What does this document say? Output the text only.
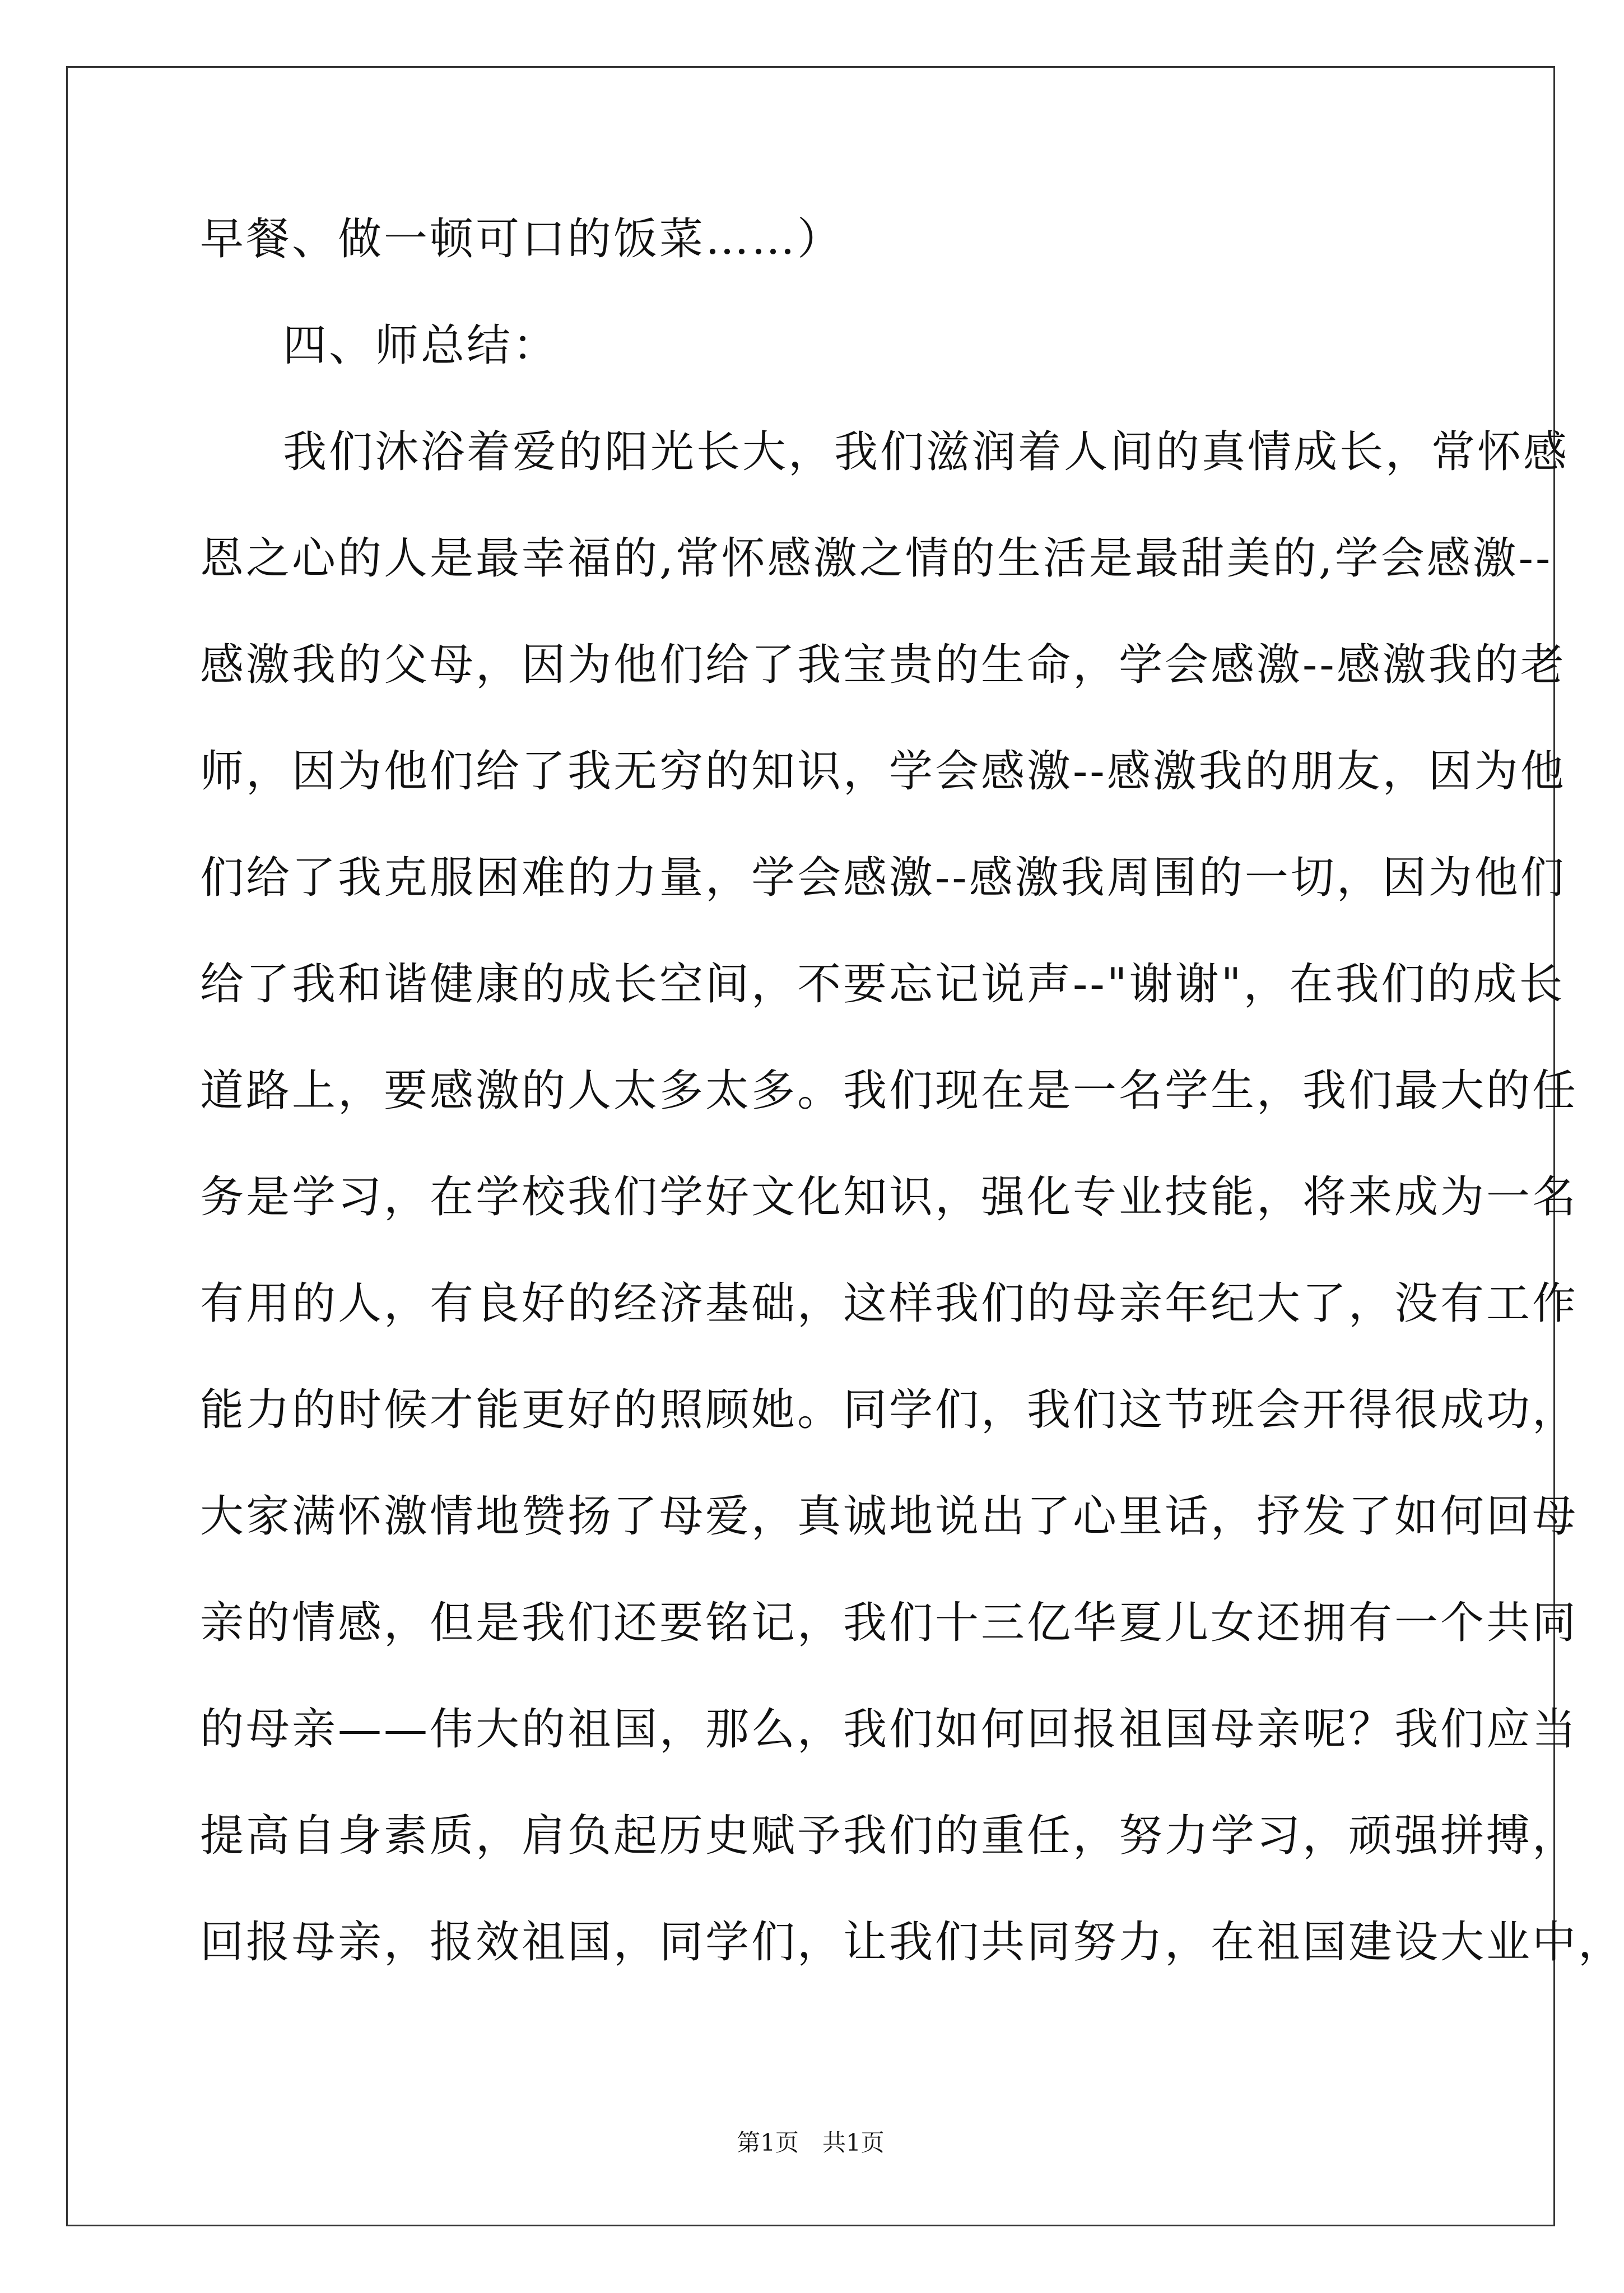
早餐、做一顿可口的饭菜……）
四、师总结：
我们沐浴着爱的阳光长大，我们滋润着人间的真情成长，常怀感
恩之心的人是最幸福的,常怀感激之情的生活是最甜美的,学会感激--
感激我的父母，因为他们给了我宝贵的生命，学会感激--感激我的老
师，因为他们给了我无穷的知识，学会感激--感激我的朋友，因为他
们给了我克服困难的力量，学会感激--感激我周围的一切，因为他们
给了我和谐健康的成长空间，不要忘记说声--"谢谢"，在我们的成长
道路上，要感激的人太多太多。我们现在是一名学生，我们最大的任
务是学习，在学校我们学好文化知识，强化专业技能，将来成为一名
有用的人，有良好的经济基础，这样我们的母亲年纪大了，没有工作
能力的时候才能更好的照顾她。同学们，我们这节班会开得很成功，
大家满怀激情地赞扬了母爱，真诚地说出了心里话，抒发了如何回母
亲的情感，但是我们还要铭记，我们十三亿华夏儿女还拥有一个共同
的母亲——伟大的祖国，那么，我们如何回报祖国母亲呢？我们应当
提高自身素质，肩负起历史赋予我们的重任，努力学习，顽强拼搏，
回报母亲，报效祖国，同学们，让我们共同努力，在祖国建设大业中，
第1页　共1页
